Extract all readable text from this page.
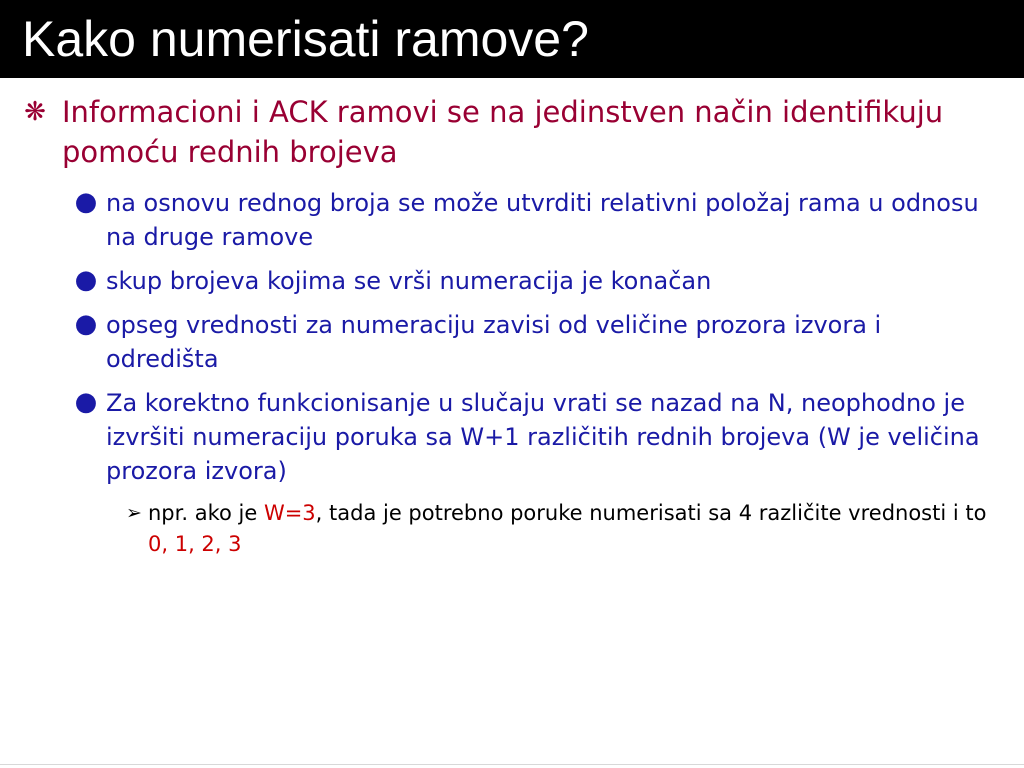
Kako numerisati ramove?
❋ Informacioni i ACK ramovi se na jedinstven način identifikuju pomoću rednih brojeva
● na osnovu rednog broja se može utvrditi relativni položaj rama u odnosu na druge ramove
● skup brojeva kojima se vrši numeracija je konačan
● opseg vrednosti za numeraciju zavisi od veličine prozora izvora i odredišta
● Za korektno funkcionisanje u slučaju vrati se nazad na N, neophodno je izvršiti numeraciju poruka sa W+1 različitih rednih brojeva (W je veličina prozora izvora)
➢ npr. ako je W=3, tada je potrebno poruke numerisati sa 4 različite vrednosti i to 0, 1, 2, 3
